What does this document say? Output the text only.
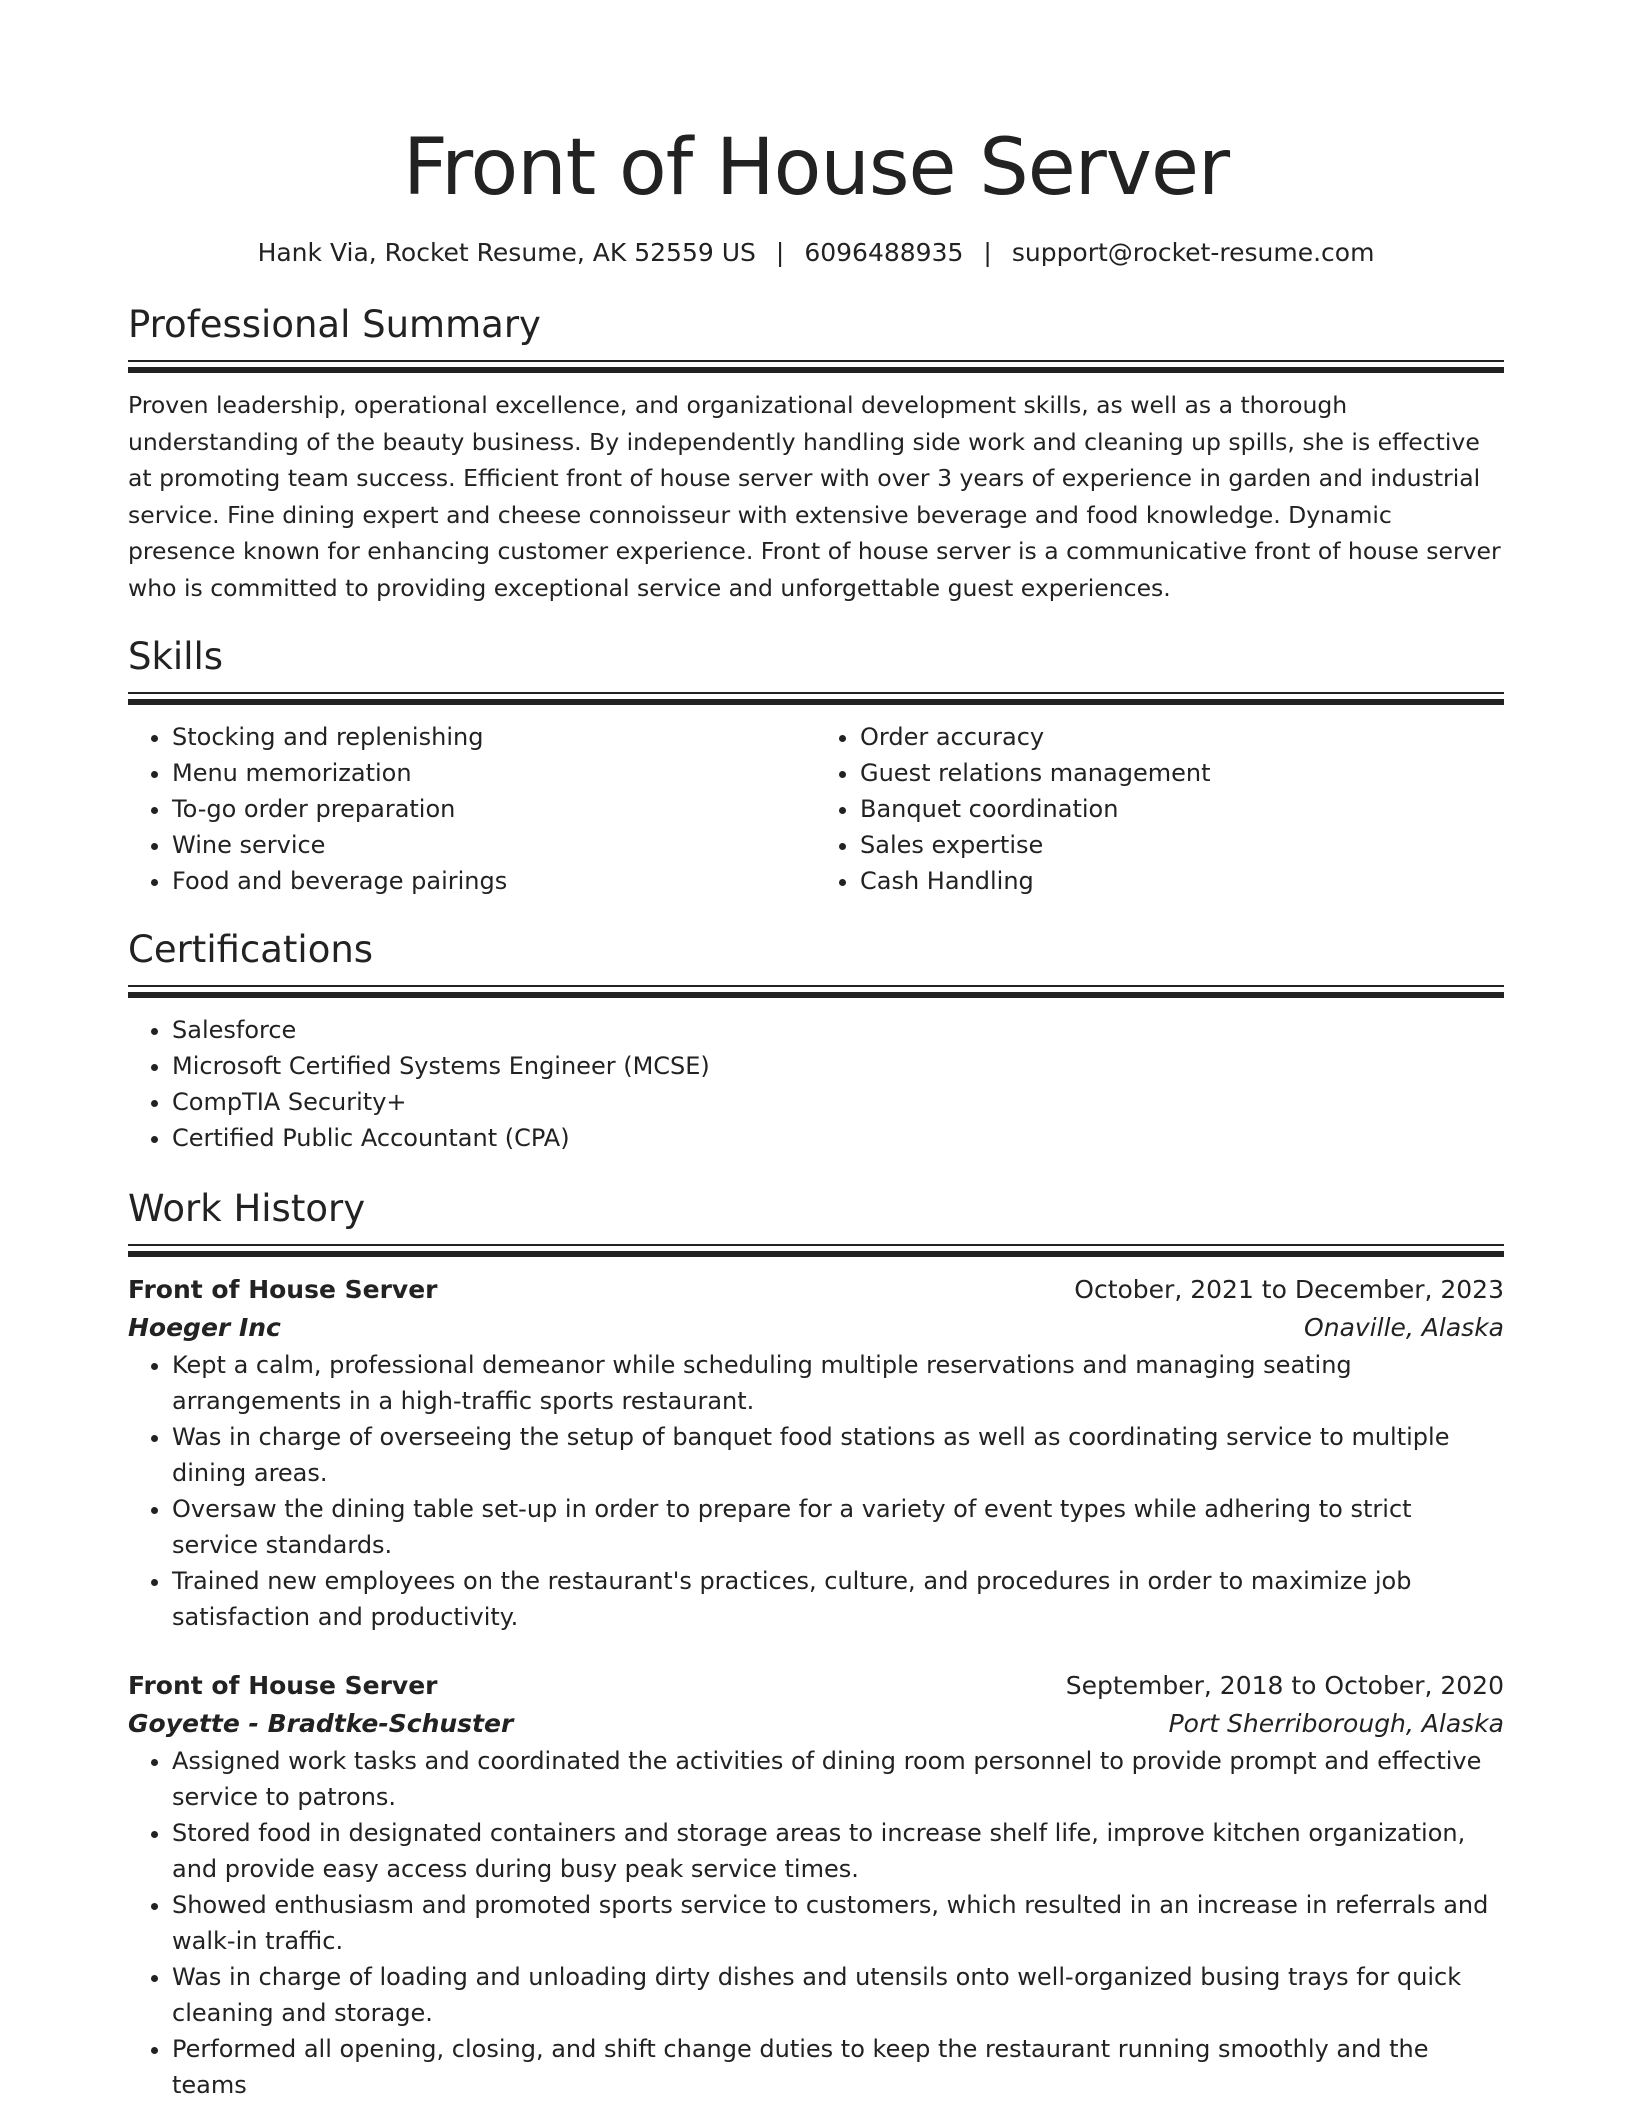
Front of House Server
Hank Via, Rocket Resume, AK 52559 US | 6096488935 | support@rocket-resume.com
Professional Summary

Proven leadership, operational excellence, and organizational development skills, as well as a thorough understanding of the beauty business. By independently handling side work and cleaning up spills, she is effective at promoting team success. Efficient front of house server with over 3 years of experience in garden and industrial service. Fine dining expert and cheese connoisseur with extensive beverage and food knowledge. Dynamic presence known for enhancing customer experience. Front of house server is a communicative front of house server who is committed to providing exceptional service and unforgettable guest experiences.

Skills
• Stocking and replenishing
• Menu memorization
• To-go order preparation
• Wine service
• Food and beverage pairings
• Order accuracy
• Guest relations management
• Banquet coordination
• Sales expertise
• Cash Handling
Certifications
• Salesforce
• Microsoft Certified Systems Engineer (MCSE)
• CompTIA Security+
• Certified Public Accountant (CPA)
Work History
Front of House Server	October, 2021 to December, 2023
Hoeger Inc	Onaville, Alaska
• Kept a calm, professional demeanor while scheduling multiple reservations and managing seating arrangements in a high-traffic sports restaurant.
• Was in charge of overseeing the setup of banquet food stations as well as coordinating service to multiple dining areas.
• Oversaw the dining table set-up in order to prepare for a variety of event types while adhering to strict service standards.
• Trained new employees on the restaurant's practices, culture, and procedures in order to maximize job satisfaction and productivity.
Front of House Server	September, 2018 to October, 2020
Goyette - Bradtke-Schuster	Port Sherriborough, Alaska
• Assigned work tasks and coordinated the activities of dining room personnel to provide prompt and effective service to patrons.
• Stored food in designated containers and storage areas to increase shelf life, improve kitchen organization, and provide easy access during busy peak service times.
• Showed enthusiasm and promoted sports service to customers, which resulted in an increase in referrals and walk-in traffic.
• Was in charge of loading and unloading dirty dishes and utensils onto well-organized busing trays for quick cleaning and storage.
• Performed all opening, closing, and shift change duties to keep the restaurant running smoothly and the teams
